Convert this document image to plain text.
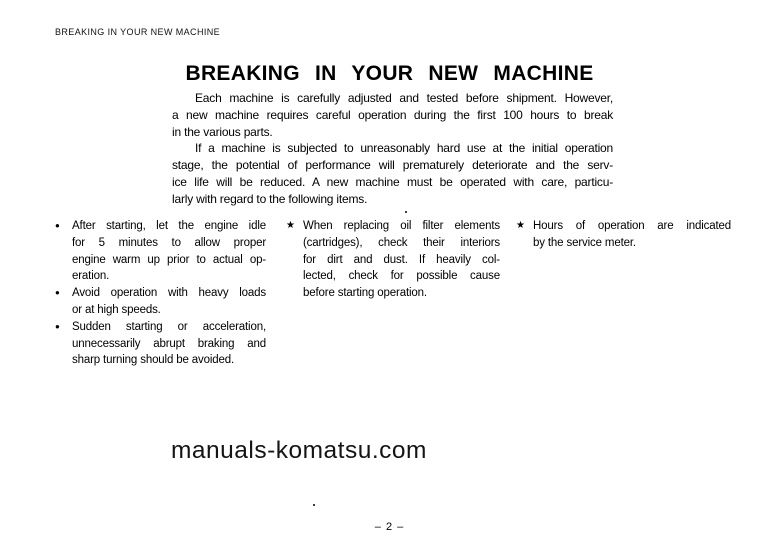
BREAKING IN YOUR NEW MACHINE
BREAKING IN YOUR NEW MACHINE
Each machine is carefully adjusted and tested before shipment. However,
a new machine requires careful operation during the first 100 hours to break
in the various parts.
If a machine is subjected to unreasonably hard use at the initial operation
stage, the potential of performance will prematurely deteriorate and the serv-
ice life will be reduced. A new machine must be operated with care, particu-
larly with regard to the following items.
●	After starting, let the engine idle
for 5 minutes to allow proper
engine warm up prior to actual op-
eration.
●	Avoid operation with heavy loads
or at high speeds.
●	Sudden starting or acceleration,
unnecessarily abrupt braking and
sharp turning should be avoided.
★ When replacing oil filter elements
(cartridges), check their interiors
for dirt and dust. If heavily col-
lected, check for possible cause
before starting operation.
★ Hours of operation are indicated
by the service meter.
manuals-komatsu.com
– 2 –
